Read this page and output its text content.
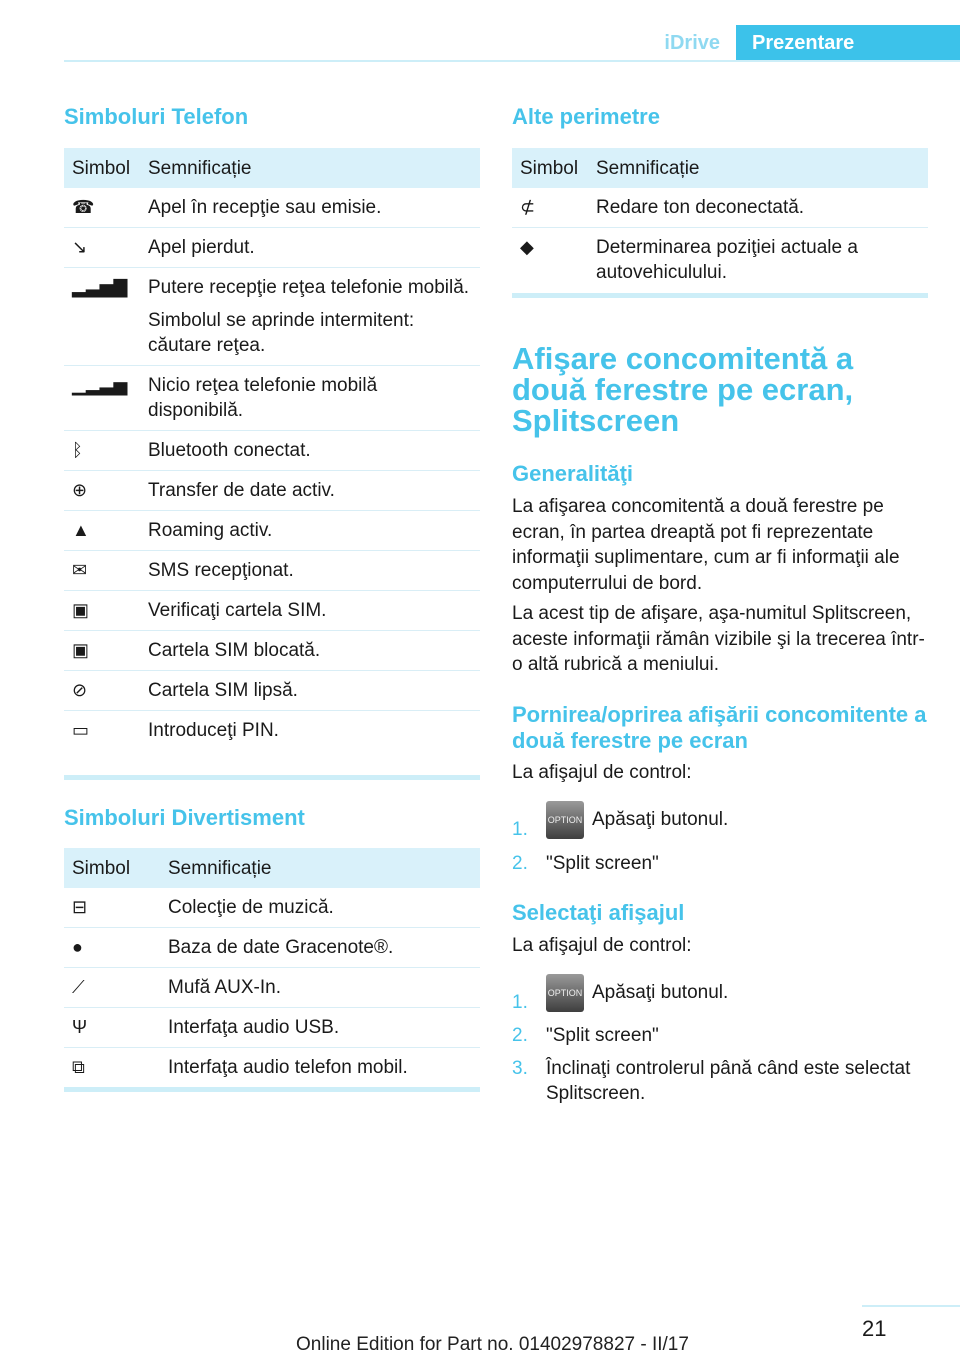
iDrive	Prezentare
Simboluri Telefon
Simbol	Semnificație
☎	Apel în recepţie sau emisie.

↘	Apel pierdut.

▂▃▅▇	Putere recepţie reţea telefonie mobilă.
Simbolul se aprinde intermitent: căutare reţea.

▁▂▃▅	Nicio reţea telefonie mobilă disponibilă.

ᛒ	Bluetooth conectat.

⊕	Transfer de date activ.

▲	Roaming activ.

✉	SMS recepţionat.

▣	Verificaţi cartela SIM.

▣	Cartela SIM blocată.

⊘	Cartela SIM lipsă.

▭	Introduceţi PIN.
Simboluri Divertisment
Simbol	Semnificație
⊟	Colecţie de muzică.

●	Baza de date Gracenote®.

⟋	Mufă AUX-In.

Ψ	Interfaţa audio USB.

⧉	Interfaţa audio telefon mobil.
Alte perimetre
Simbol	Semnificație
⊄	Redare ton deconectată.

◆	Determinarea poziţiei actuale a autovehiculului.
Afişare concomitentă a două ferestre pe ecran, Splitscreen
Generalităţi
La afişarea concomitentă a două ferestre pe ecran, în partea dreaptă pot fi reprezentate informaţii suplimentare, cum ar fi informaţii ale computerrului de bord.
La acest tip de afişare, aşa-numitul Splitscreen, aceste informaţii rămân vizibile şi la trecerea într-o altă rubrică a meniului.
Pornirea/oprirea afişării concomitente a două ferestre pe ecran
La afişajul de control:
1. OPTION Apăsaţi butonul.
2. "Split screen"
Selectaţi afişajul
La afişajul de control:
1. OPTION Apăsaţi butonul.
2. "Split screen"
3. Înclinaţi controlerul până când este selectat Splitscreen.
21
Online Edition for Part no. 01402978827 - II/17
